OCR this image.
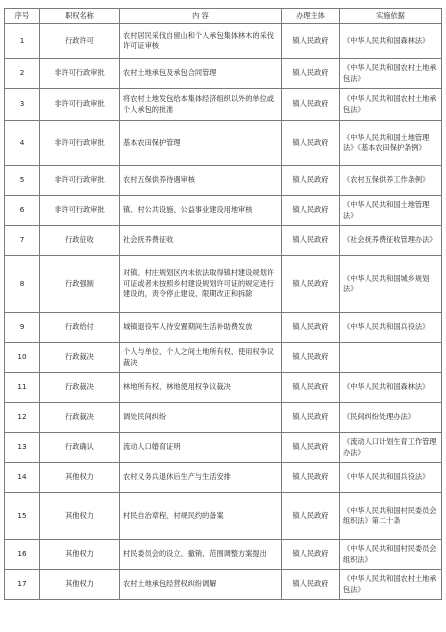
序号	职权名称	内 容	办理主体	实施依据
1	行政许可	农村居民采伐自留山和个人承包集体林木的采伐许可证审核	镇人民政府	《中华人民共和国森林法》
2	非许可行政审批	农村土地承包及承包合同管理	镇人民政府	《中华人民共和国农村土地承包法》
3	非许可行政审批	将农村土地发包给本集体经济组织以外的单位或个人承包的批准	镇人民政府	《中华人民共和国农村土地承包法》
4	非许可行政审批	基本农田保护管理	镇人民政府	《中华人民共和国土地管理法》《基本农田保护条例》
5	非许可行政审批	农村五保供养待遇审核	镇人民政府	《农村五保供养工作条例》
6	非许可行政审批	镇、村公共设施、公益事业建设用地审核	镇人民政府	《中华人民共和国土地管理法》
7	行政征收	社会抚养费征收	镇人民政府	《社会抚养费征收管理办法》
8	行政强制	对镇、村庄规划区内未依法取得镇村建设规划许可证或者未按照乡村建设规划许可证的规定进行建设的，责令停止建设、限期改正和拆除	镇人民政府	《中华人民共和国城乡规划法》
9	行政给付	城镇退役军人待安置期间生活补助费发放	镇人民政府	《中华人民共和国兵役法》
10	行政裁决	个人与单位、个人之间土地所有权、使用权争议裁决	镇人民政府	
11	行政裁决	林地所有权、林地使用权争议裁决	镇人民政府	《中华人民共和国森林法》
12	行政裁决	调处民间纠纷	镇人民政府	《民间纠纷处理办法》
13	行政确认	流动人口婚育证明	镇人民政府	《流动人口计划生育工作管理办法》
14	其他权力	农村义务兵退休后生产与生活安排	镇人民政府	《中华人民共和国兵役法》
15	其他权力	村民自治章程、村规民约的备案	镇人民政府	《中华人民共和国村民委员会组织法》第二十条
16	其他权力	村民委员会的设立、撤销、范围调整方案提出	镇人民政府	《中华人民共和国村民委员会组织法》
17	其他权力	农村土地承包经营权纠纷调解	镇人民政府	《中华人民共和国农村土地承包法》
